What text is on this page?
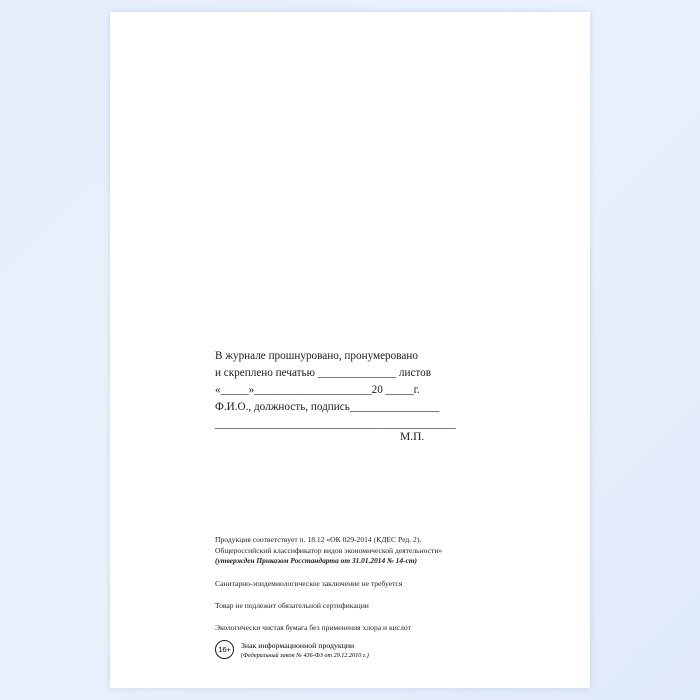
В журнале прошнуровано, пронумеровано
и скреплено печатью ______________ листов
«_____»_____________________20 _____г.
Ф.И.О., должность, подпись________________
___________________________________________
М.П.
Продукция соответствует п. 18.12 «ОК 029-2014 (КДЕС Ред. 2).
Общероссийский классификатор видов экономической деятельности»
(утвержден Приказом Росстандарта от 31.01.2014 № 14-ст)
Санитарно-эпидемиологическое заключение не требуется
Товар не подлежит обязательной сертификации
Экологически чистая бумага без применения хлора и кислот
16+	Знак информационной продукции
(Федеральный закон № 436-ФЗ от 29.12.2010 г.)
